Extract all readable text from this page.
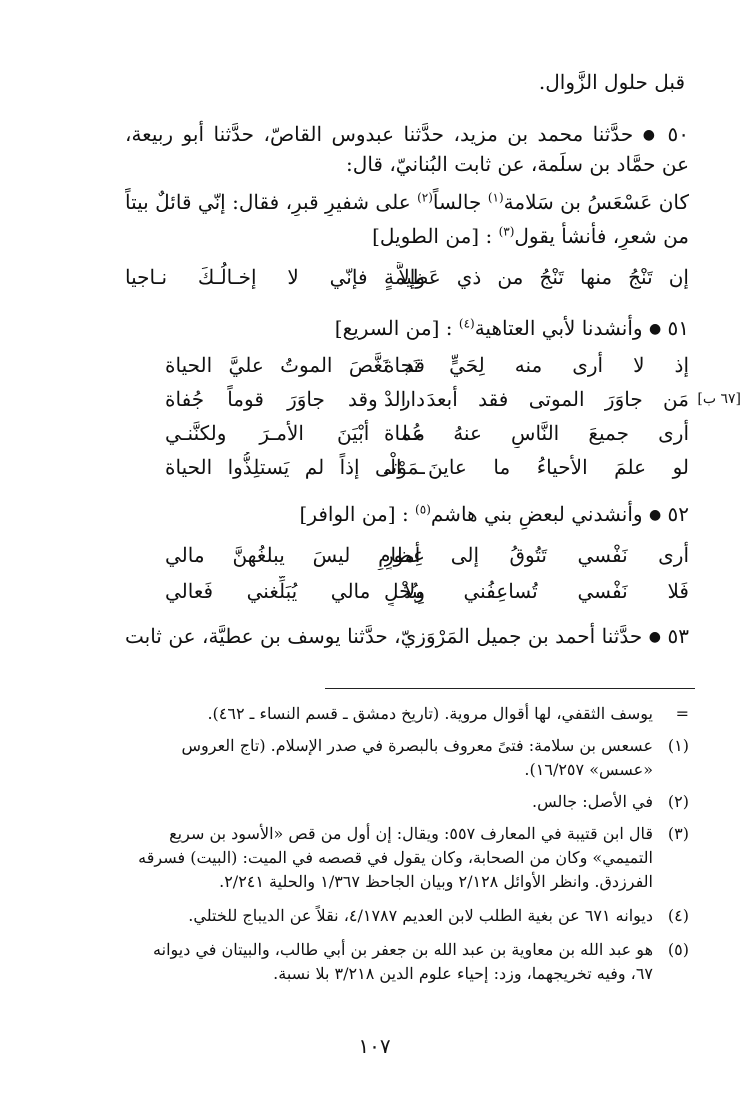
قبل حلول الزَّوال.
٥٠ ● حدَّثنا محمد بن مزيد، حدَّثنا عبدوس القاصّ، حدَّثنا أبو ربيعة،
عن حمَّاد بن سلَمة، عن ثابت البُنانيّ، قال:
كان عَسْعَسُ بن سَلامة$^{(١)}$ جالساً$^{(٢)}$ على شفيرِ قبرٍ، فقال: إنّي قائلٌ بيتاً
من شعرٍ، فأنشأ يقول$^{(٣)}$ : [من الطويل]
إن تَنْجُ منها تَنْجُ من ذي عَظيمةٍ
وإلاَّ فإنّي لا إخـالُـكَ نـاجيا
٥١ ● وأنشدنا لأبي العتاهية$^{(٤)}$ : [من السريع]
إذ لا أرى منه لِحَيٍّ نَجاة
قد نَغَّصَ الموتُ عليَّ الحياة
[٦٧ ب]
مَن جاوَرَ الموتى فقد أبعدَ الدْ
دار وقد جاوَرَ قوماً جُفاة
أرى جميعَ النَّاسِ عنهُ عُماة
مـا أبْيَنَ الأمـرَ ولكنَّنـي
لو علمَ الأحياءُ ما عاينَ الْـ
ـمَوْتى إذاً لم يَستلِذُّوا الحياة
٥٢ ● وأنشدني لبعضِ بني هاشم$^{(٥)}$ : [من الوافر]
أرى نَفْسي تَتُوقُ إلى أمورٍ
عِظامٍ ليسَ يبلغُهنَّ مالي
فَلا نَفْسي تُساعِفُني بِبُخْلٍ
ولا مالي يُبَلِّغني فَعالي
٥٣ ● حدَّثنا أحمد بن جميل المَرْوَزيّ، حدَّثنا يوسف بن عطيَّة، عن ثابت
=
يوسف الثقفي، لها أقوال مروية. (تاريخ دمشق ـ قسم النساء ـ ٤٦٢).
(١)
عسعس بن سلامة: فتىً معروف بالبصرة في صدر الإسلام. (تاج العروس
«عسس» ١٦/٢٥٧).
(٢)
في الأصل: جالس.
(٣)
قال ابن قتيبة في المعارف ٥٥٧: ويقال: إن أول من قص «الأسود بن سريع
التميمي» وكان من الصحابة، وكان يقول في قصصه في الميت: (البيت) فسرقه
الفرزدق. وانظر الأوائل ٢/١٢٨ وبيان الجاحظ ١/٣٦٧ والحلية ٢/٢٤١.
(٤)
ديوانه ٦٧١ عن بغية الطلب لابن العديم ٤/١٧٨٧، نقلاً عن الديباج للختلي.
(٥)
هو عبد الله بن معاوية بن عبد الله بن جعفر بن أبي طالب، والبيتان في ديوانه
٦٧، وفيه تخريجهما، وزد: إحياء علوم الدين ٣/٢١٨ بلا نسبة.
١٠٧
